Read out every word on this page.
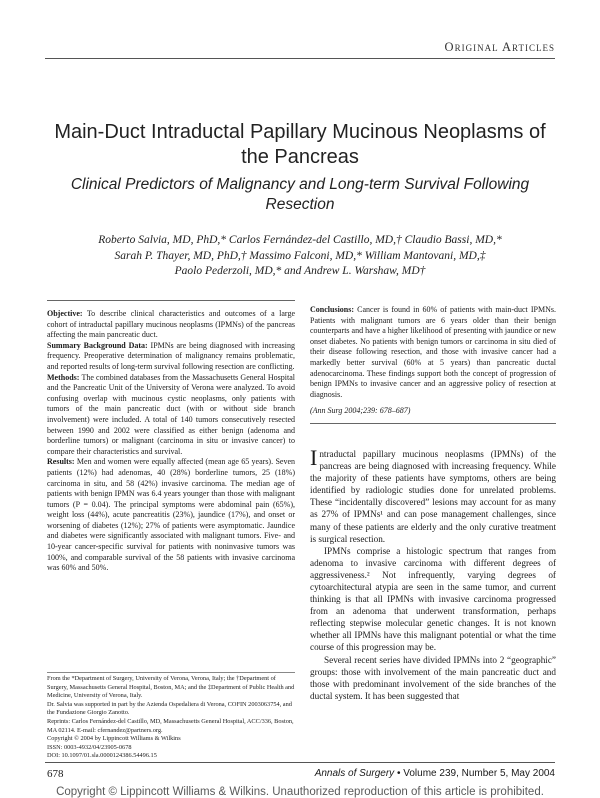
Original Articles
Main-Duct Intraductal Papillary Mucinous Neoplasms of the Pancreas
Clinical Predictors of Malignancy and Long-term Survival Following Resection
Roberto Salvia, MD, PhD,* Carlos Fernández-del Castillo, MD,† Claudio Bassi, MD,*
Sarah P. Thayer, MD, PhD,† Massimo Falconi, MD,* William Mantovani, MD,‡
Paolo Pederzoli, MD,* and Andrew L. Warshaw, MD†

Objective: To describe clinical characteristics and outcomes of a large cohort of intraductal papillary mucinous neoplasms (IPMNs) of the pancreas affecting the main pancreatic duct.

Summary Background Data: IPMNs are being diagnosed with increasing frequency. Preoperative determination of malignancy remains problematic, and reported results of long-term survival following resection are conflicting.

Methods: The combined databases from the Massachusetts General Hospital and the Pancreatic Unit of the University of Verona were analyzed. To avoid confusing overlap with mucinous cystic neoplasms, only patients with tumors of the main pancreatic duct (with or without side branch involvement) were included. A total of 140 tumors consecutively resected between 1990 and 2002 were classified as either benign (adenoma and borderline tumors) or malignant (carcinoma in situ or invasive cancer) to compare their characteristics and survival.

Results: Men and women were equally affected (mean age 65 years). Seven patients (12%) had adenomas, 40 (28%) borderline tumors, 25 (18%) carcinoma in situ, and 58 (42%) invasive carcinoma. The median age of patients with benign IPMN was 6.4 years younger than those with malignant tumors (P = 0.04). The principal symptoms were abdominal pain (65%), weight loss (44%), acute pancreatitis (23%), jaundice (17%), and onset or worsening of diabetes (12%); 27% of patients were asymptomatic. Jaundice and diabetes were significantly associated with malignant tumors. Five- and 10-year cancer-specific survival for patients with noninvasive tumors was 100%, and comparable survival of the 58 patients with invasive carcinoma was 60% and 50%.

From the *Department of Surgery, University of Verona, Verona, Italy; the †Department of Surgery, Massachusetts General Hospital, Boston, MA; and the ‡Department of Public Health and Medicine, University of Verona, Italy.

Dr. Salvia was supported in part by the Azienda Ospedaliera di Verona, COFIN 2003063754, and the Fundazione Giorgio Zanotto.

Reprints: Carlos Fernández-del Castillo, MD, Massachusetts General Hospital, ACC/336, Boston, MA 02114. E-mail: cfernandez@partners.org.

Copyright © 2004 by Lippincott Williams & Wilkins

ISSN: 0003-4932/04/23905-0678

DOI: 10.1097/01.sla.0000124386.54496.15

Conclusions: Cancer is found in 60% of patients with main-duct IPMNs. Patients with malignant tumors are 6 years older than their benign counterparts and have a higher likelihood of presenting with jaundice or new onset diabetes. No patients with benign tumors or carcinoma in situ died of their disease following resection, and those with invasive cancer had a markedly better survival (60% at 5 years) than pancreatic ductal adenocarcinoma. These findings support both the concept of progression of benign IPMNs to invasive cancer and an aggressive policy of resection at diagnosis.

(Ann Surg 2004;239: 678–687)

Intraductal papillary mucinous neoplasms (IPMNs) of the pancreas are being diagnosed with increasing frequency. While the majority of these patients have symptoms, others are being identified by radiologic studies done for unrelated problems. These “incidentally discovered” lesions may account for as many as 27% of IPMNs¹ and can pose management challenges, since many of these patients are elderly and the only curative treatment is surgical resection.

IPMNs comprise a histologic spectrum that ranges from adenoma to invasive carcinoma with different degrees of aggressiveness.² Not infrequently, varying degrees of cytoarchitectural atypia are seen in the same tumor, and current thinking is that all IPMNs with invasive carcinoma progressed from an adenoma that underwent transformation, perhaps reflecting stepwise molecular genetic changes. It is not known whether all IPMNs have this malignant potential or what the time course of this progression may be.

Several recent series have divided IPMNs into 2 “geographic” groups: those with involvement of the main pancreatic duct and those with predominant involvement of the side branches of the ductal system. It has been suggested that

678	Annals of Surgery • Volume 239, Number 5, May 2004
Copyright © Lippincott Williams & Wilkins. Unauthorized reproduction of this article is prohibited.
